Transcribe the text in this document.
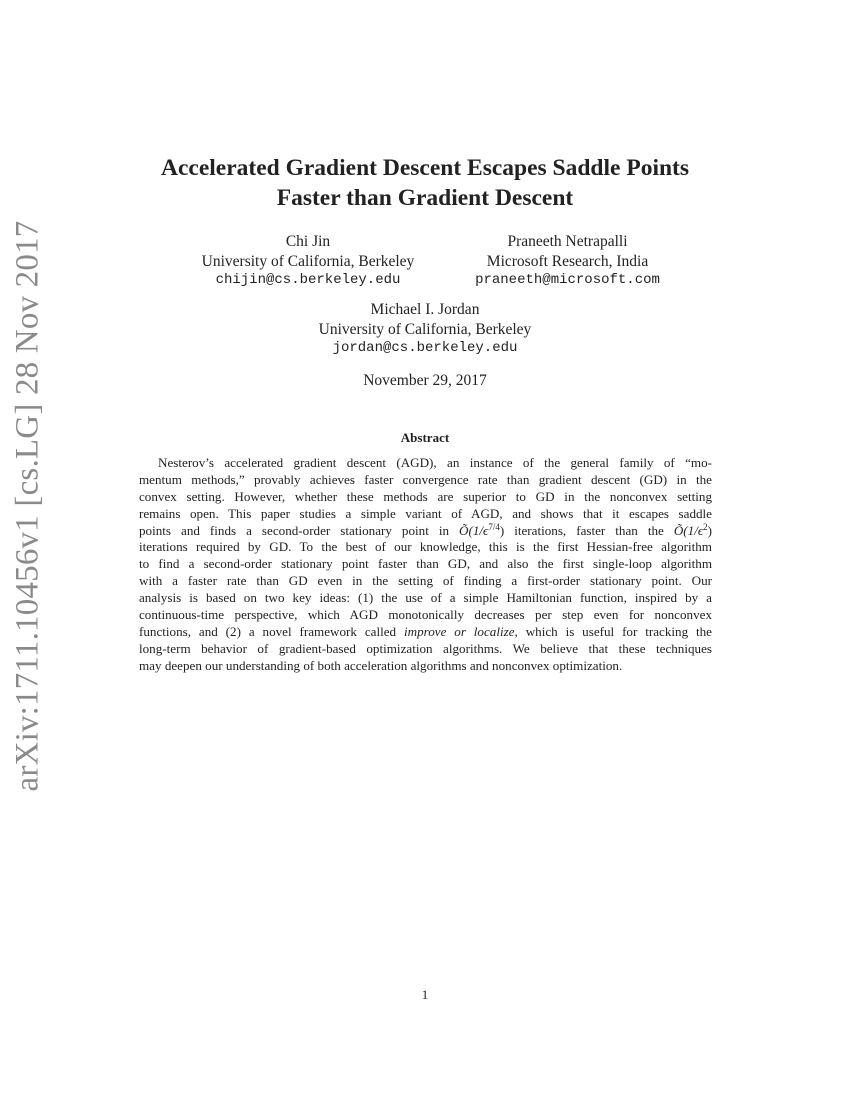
arXiv:1711.10456v1 [cs.LG] 28 Nov 2017
Accelerated Gradient Descent Escapes Saddle Points
Faster than Gradient Descent
Chi Jin
University of California, Berkeley
chijin@cs.berkeley.edu
Praneeth Netrapalli
Microsoft Research, India
praneeth@microsoft.com
Michael I. Jordan
University of California, Berkeley
jordan@cs.berkeley.edu
November 29, 2017
Abstract
Nesterov’s accelerated gradient descent (AGD), an instance of the general family of “mo-
mentum methods,” provably achieves faster convergence rate than gradient descent (GD) in the
convex setting. However, whether these methods are superior to GD in the nonconvex setting
remains open. This paper studies a simple variant of AGD, and shows that it escapes saddle
points and finds a second-order stationary point in $Õ(1/\epsilon^{7/4})$ iterations, faster than the $Õ(1/\epsilon^2)$
iterations required by GD. To the best of our knowledge, this is the first Hessian-free algorithm
to find a second-order stationary point faster than GD, and also the first single-loop algorithm
with a faster rate than GD even in the setting of finding a first-order stationary point. Our
analysis is based on two key ideas: (1) the use of a simple Hamiltonian function, inspired by a
continuous-time perspective, which AGD monotonically decreases per step even for nonconvex
functions, and (2) a novel framework called improve or localize, which is useful for tracking the
long-term behavior of gradient-based optimization algorithms. We believe that these techniques
may deepen our understanding of both acceleration algorithms and nonconvex optimization.
1
